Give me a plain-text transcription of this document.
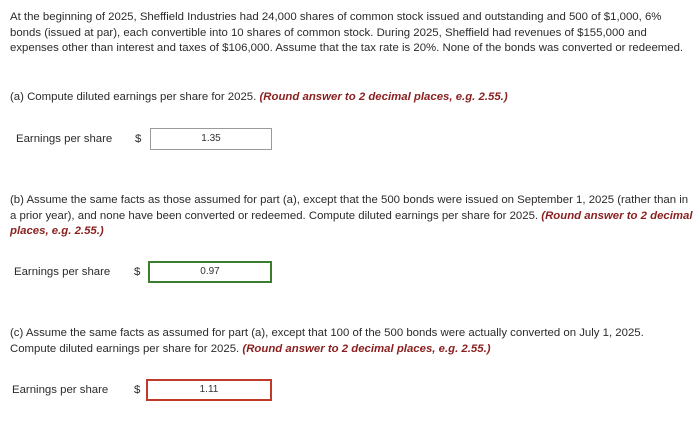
At the beginning of 2025, Sheffield Industries had 24,000 shares of common stock issued and outstanding and 500 of $1,000, 6% bonds (issued at par), each convertible into 10 shares of common stock. During 2025, Sheffield had revenues of $155,000 and expenses other than interest and taxes of $106,000. Assume that the tax rate is 20%. None of the bonds was converted or redeemed.

(a) Compute diluted earnings per share for 2025. (Round answer to 2 decimal places, e.g. 2.55.)

Earnings per share $	1.35

(b) Assume the same facts as those assumed for part (a), except that the 500 bonds were issued on September 1, 2025 (rather than in a prior year), and none have been converted or redeemed. Compute diluted earnings per share for 2025. (Round answer to 2 decimal places, e.g. 2.55.)

Earnings per share $	0.97

(c) Assume the same facts as assumed for part (a), except that 100 of the 500 bonds were actually converted on July 1, 2025. Compute diluted earnings per share for 2025. (Round answer to 2 decimal places, e.g. 2.55.)

Earnings per share $	1.11
